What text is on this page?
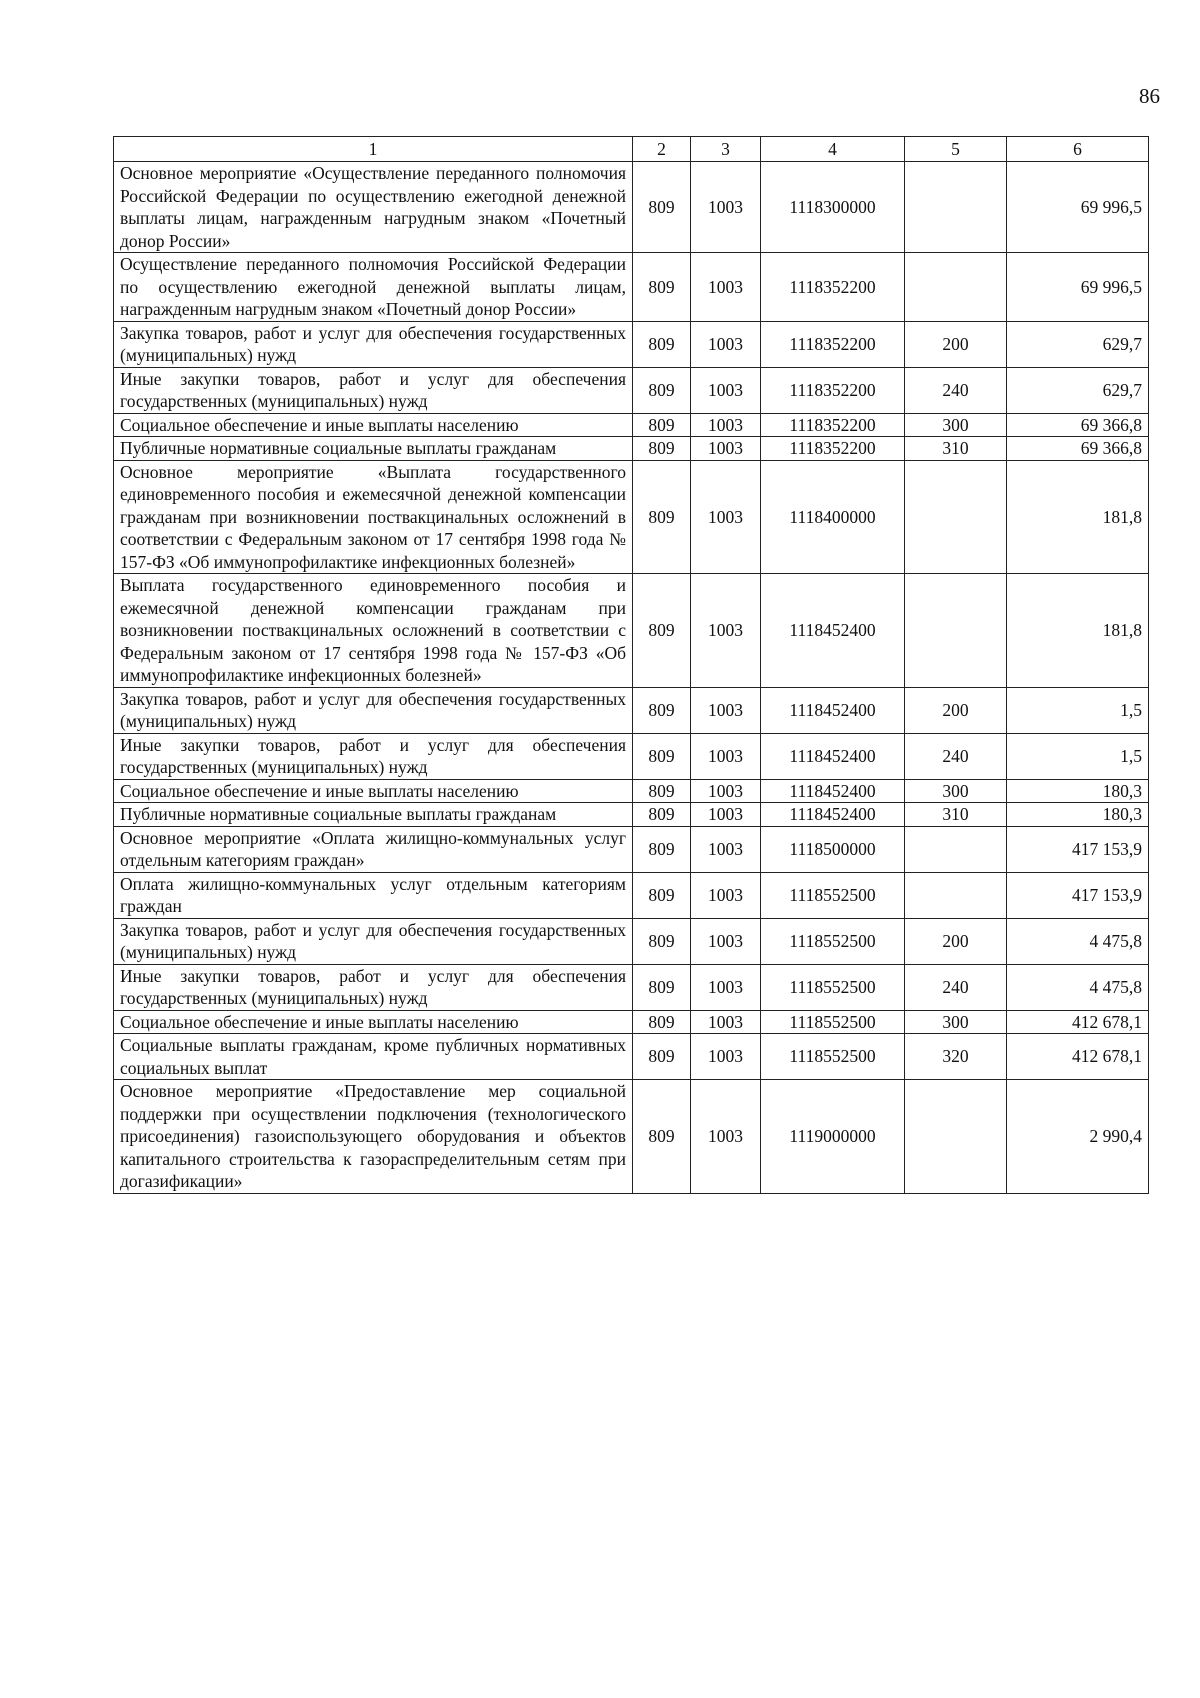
86
1	2	3	4	5	6
Основное мероприятие «Осуществление переданного полномочия Российской Федерации по осуществлению ежегодной денежной выплаты лицам, награжденным нагрудным знаком «Почетный донор России»	809	1003	1118300000		69 996,5
Осуществление переданного полномочия Российской Федерации по осуществлению ежегодной денежной выплаты лицам, награжденным нагрудным знаком «Почетный донор России»	809	1003	1118352200		69 996,5
Закупка товаров, работ и услуг для обеспечения государственных (муниципальных) нужд	809	1003	1118352200	200	629,7
Иные закупки товаров, работ и услуг для обеспечения государственных (муниципальных) нужд	809	1003	1118352200	240	629,7
Социальное обеспечение и иные выплаты населению	809	1003	1118352200	300	69 366,8
Публичные нормативные социальные выплаты гражданам	809	1003	1118352200	310	69 366,8
Основное мероприятие «Выплата государственного единовременного пособия и ежемесячной денежной компенсации гражданам при возникновении поствакцинальных осложнений в соответствии с Федеральным законом от 17 сентября 1998 года № 157-ФЗ «Об иммунопрофилактике инфекционных болезней»	809	1003	1118400000		181,8
Выплата государственного единовременного пособия и ежемесячной денежной компенсации гражданам при возникновении поствакцинальных осложнений в соответствии с Федеральным законом от 17 сентября 1998 года № 157-ФЗ «Об иммунопрофилактике инфекционных болезней»	809	1003	1118452400		181,8
Закупка товаров, работ и услуг для обеспечения государственных (муниципальных) нужд	809	1003	1118452400	200	1,5
Иные закупки товаров, работ и услуг для обеспечения государственных (муниципальных) нужд	809	1003	1118452400	240	1,5
Социальное обеспечение и иные выплаты населению	809	1003	1118452400	300	180,3
Публичные нормативные социальные выплаты гражданам	809	1003	1118452400	310	180,3
Основное мероприятие «Оплата жилищно-коммунальных услуг отдельным категориям граждан»	809	1003	1118500000		417 153,9
Оплата жилищно-коммунальных услуг отдельным категориям граждан	809	1003	1118552500		417 153,9
Закупка товаров, работ и услуг для обеспечения государственных (муниципальных) нужд	809	1003	1118552500	200	4 475,8
Иные закупки товаров, работ и услуг для обеспечения государственных (муниципальных) нужд	809	1003	1118552500	240	4 475,8
Социальное обеспечение и иные выплаты населению	809	1003	1118552500	300	412 678,1
Социальные выплаты гражданам, кроме публичных нормативных социальных выплат	809	1003	1118552500	320	412 678,1
Основное мероприятие «Предоставление мер социальной поддержки при осуществлении подключения (технологического присоединения) газоиспользующего оборудования и объектов капитального строительства к газораспределительным сетям при догазификации»	809	1003	1119000000		2 990,4
